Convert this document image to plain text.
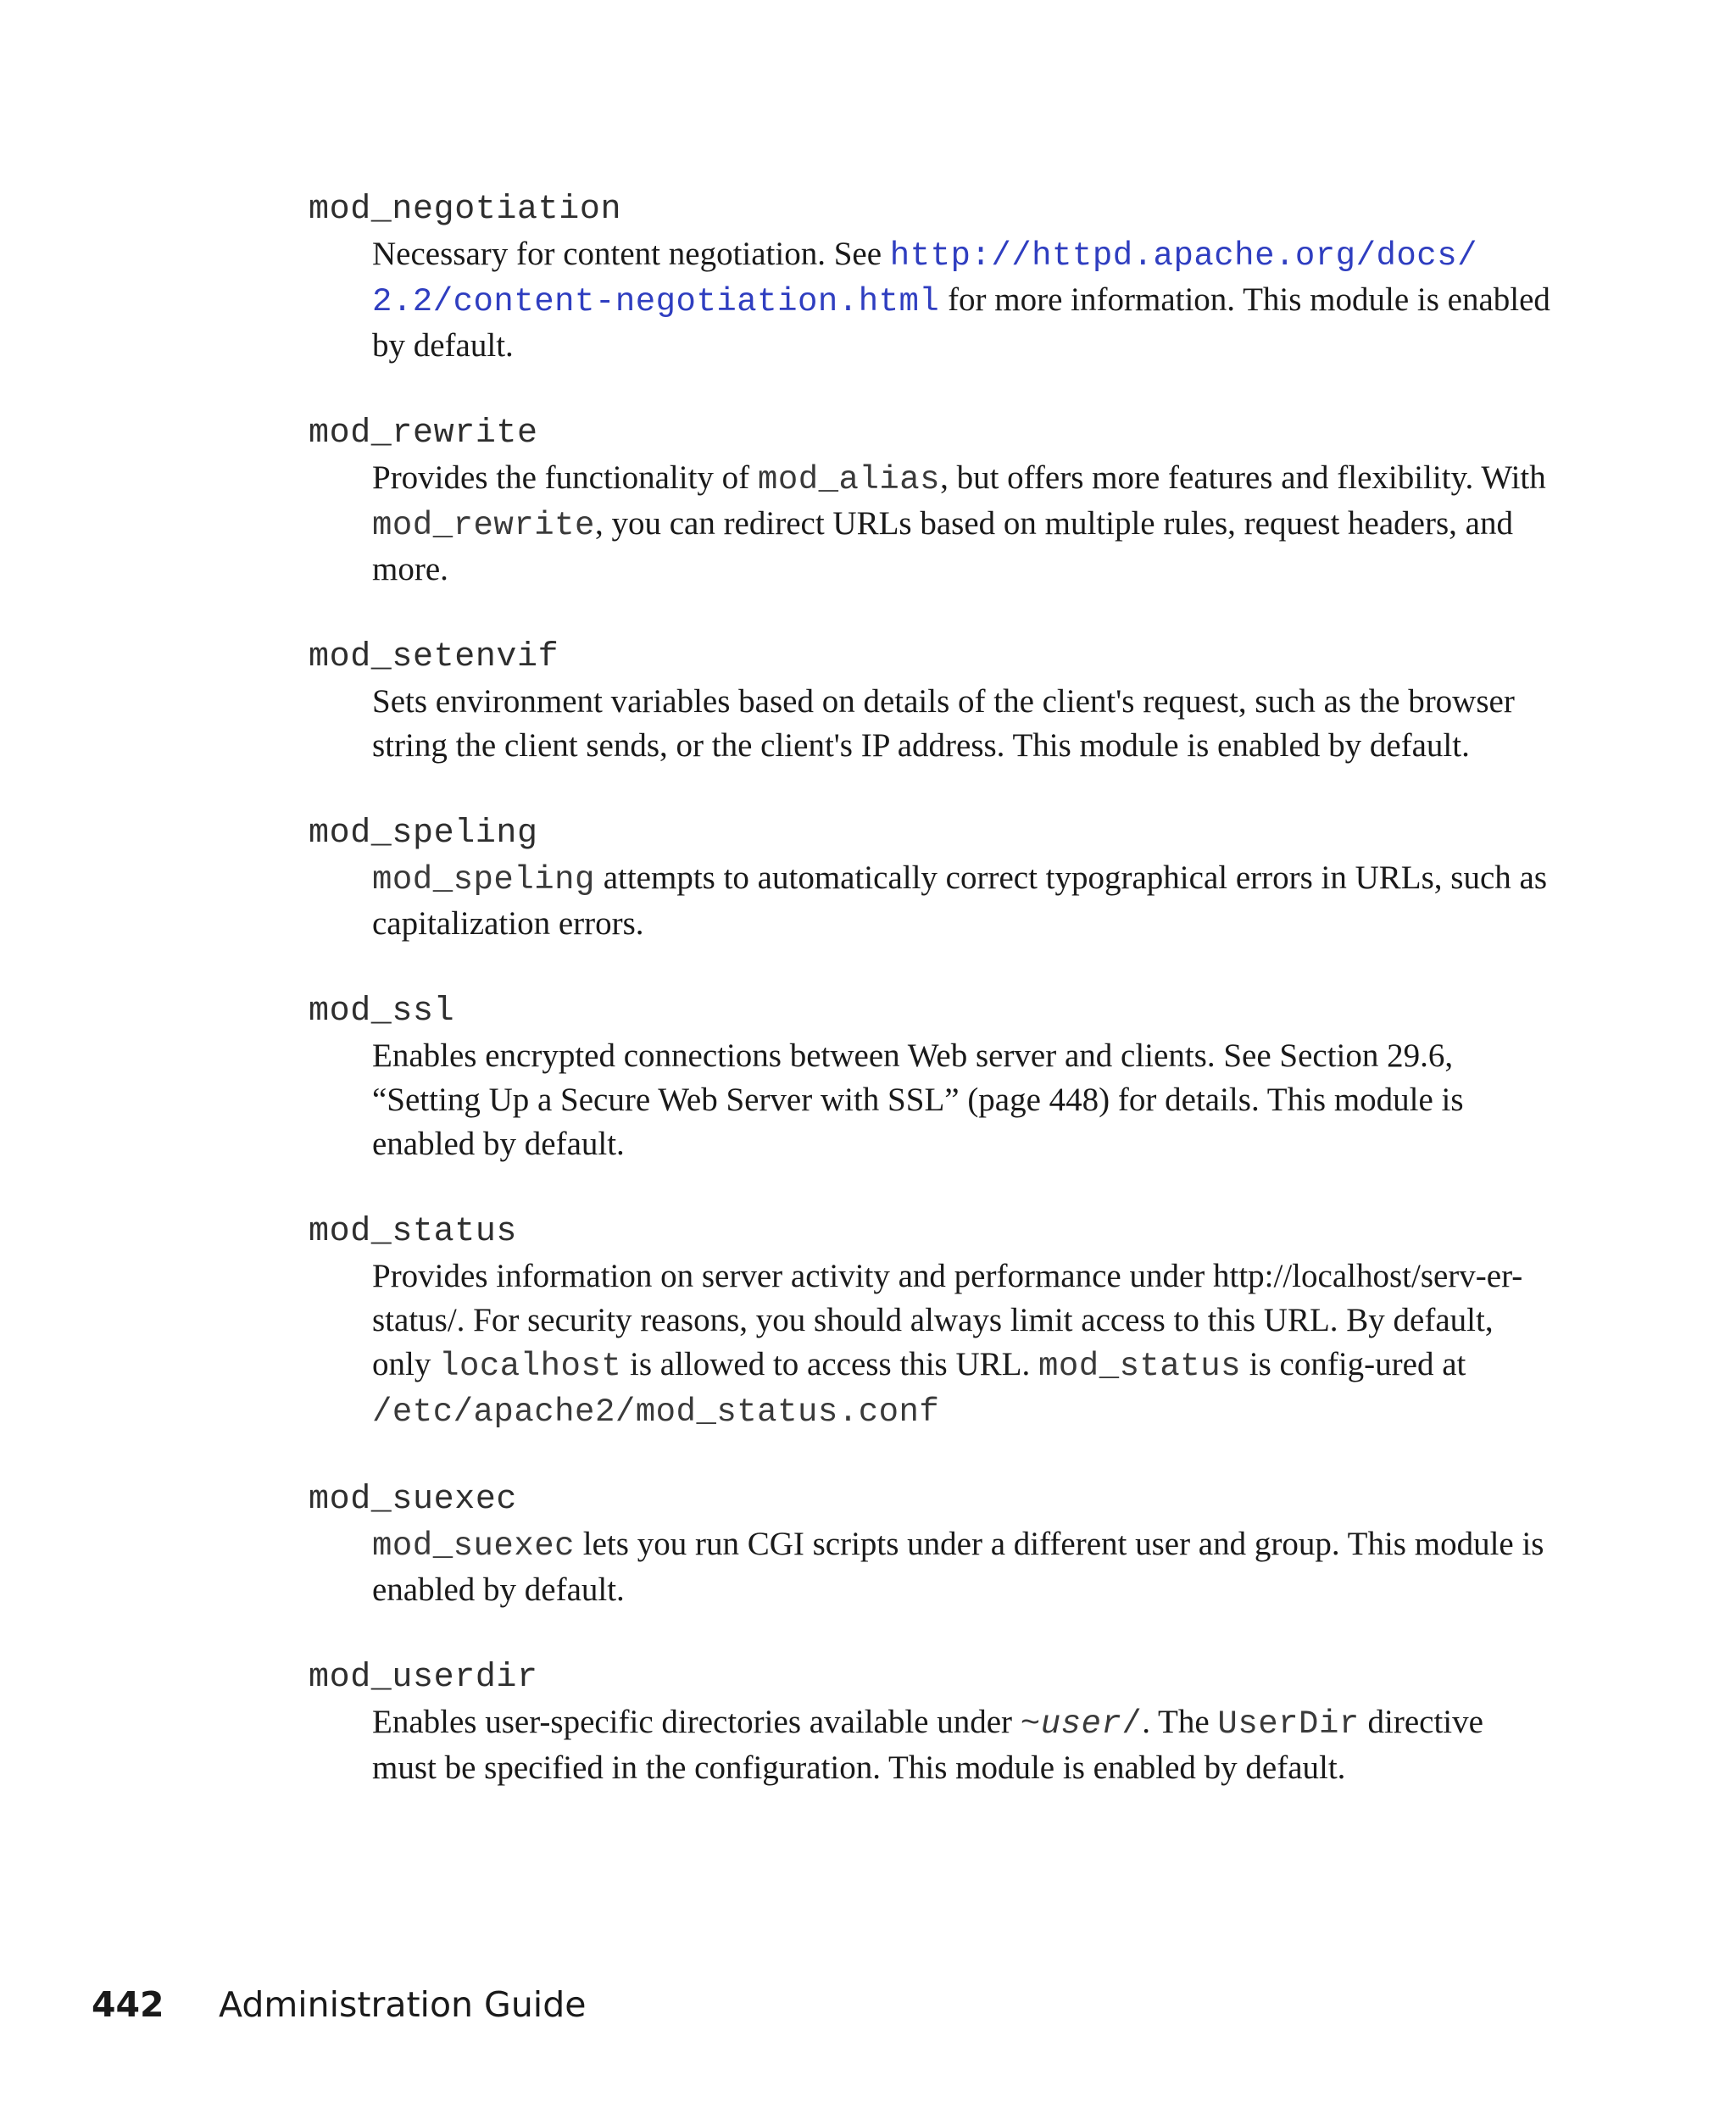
mod_negotiation
Necessary for content negotiation. See http://httpd.apache.org/docs/
2.2/content-negotiation.html for more information. This module is enabled by default.
mod_rewrite
Provides the functionality of mod_alias, but offers more features and flexibility. With mod_rewrite, you can redirect URLs based on multiple rules, request headers, and more.
mod_setenvif
Sets environment variables based on details of the client's request, such as the browser string the client sends, or the client's IP address. This module is enabled by default.
mod_speling
mod_speling attempts to automatically correct typographical errors in URLs, such as capitalization errors.
mod_ssl
Enables encrypted connections between Web server and clients. See Section 29.6, “Setting Up a Secure Web Server with SSL” (page 448) for details. This module is enabled by default.
mod_status
Provides information on server activity and performance under http://localhost/serv-er-status/. For security reasons, you should always limit access to this URL. By default, only localhost is allowed to access this URL. mod_status is config-ured at /etc/apache2/mod_status.conf
mod_suexec
mod_suexec lets you run CGI scripts under a different user and group. This module is enabled by default.
mod_userdir
Enables user-specific directories available under ~user/. The UserDir directive must be specified in the configuration. This module is enabled by default.
442 Administration Guide
